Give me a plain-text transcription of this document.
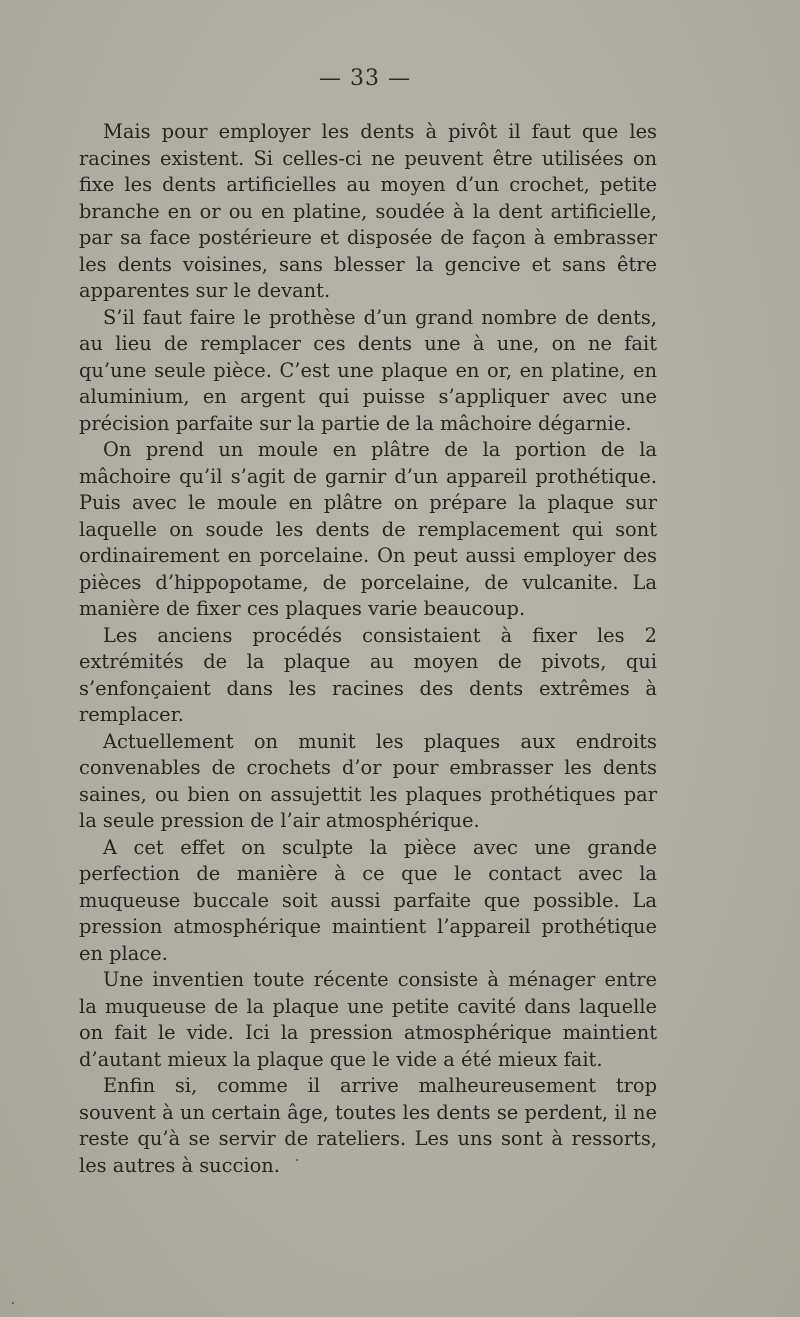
— 33 —

Mais pour employer les dents à pivôt il faut que les racines existent. Si celles-ci ne peuvent être utilisées on fixe les dents artificielles au moyen d’un crochet, petite branche en or ou en platine, soudée à la dent artificielle, par sa face postérieure et disposée de façon à embrasser les dents voisines, sans blesser la gencive et sans être apparentes sur le devant.

S’il faut faire le prothèse d’un grand nombre de dents, au lieu de remplacer ces dents une à une, on ne fait qu’une seule pièce. C’est une plaque en or, en platine, en aluminium, en argent qui puisse s’appliquer avec une précision parfaite sur la partie de la mâchoire dégarnie.

On prend un moule en plâtre de la portion de la mâchoire qu’il s’agit de garnir d’un appareil prothétique. Puis avec le moule en plâtre on prépare la plaque sur laquelle on soude les dents de remplacement qui sont ordinairement en porcelaine. On peut aussi employer des pièces d’hippopotame, de porcelaine, de vulcanite. La manière de fixer ces plaques varie beaucoup.

Les anciens procédés consistaient à fixer les 2 extrémités de la plaque au moyen de pivots, qui s’enfonçaient dans les racines des dents extrêmes à remplacer.

Actuellement on munit les plaques aux endroits convenables de crochets d’or pour embrasser les dents saines, ou bien on assujettit les plaques prothétiques par la seule pression de l’air atmosphérique.

A cet effet on sculpte la pièce avec une grande perfection de manière à ce que le contact avec la muqueuse buccale soit aussi parfaite que possible. La pression atmosphérique maintient l’appareil prothétique en place.

Une inventien toute récente consiste à ménager entre la muqueuse de la plaque une petite cavité dans laquelle on fait le vide. Ici la pression atmosphérique maintient d’autant mieux la plaque que le vide a été mieux fait.

Enfin si, comme il arrive malheureusement trop souvent à un certain âge, toutes les dents se perdent, il ne reste qu’à se servir de rateliers. Les uns sont à ressorts, les autres à succion.
